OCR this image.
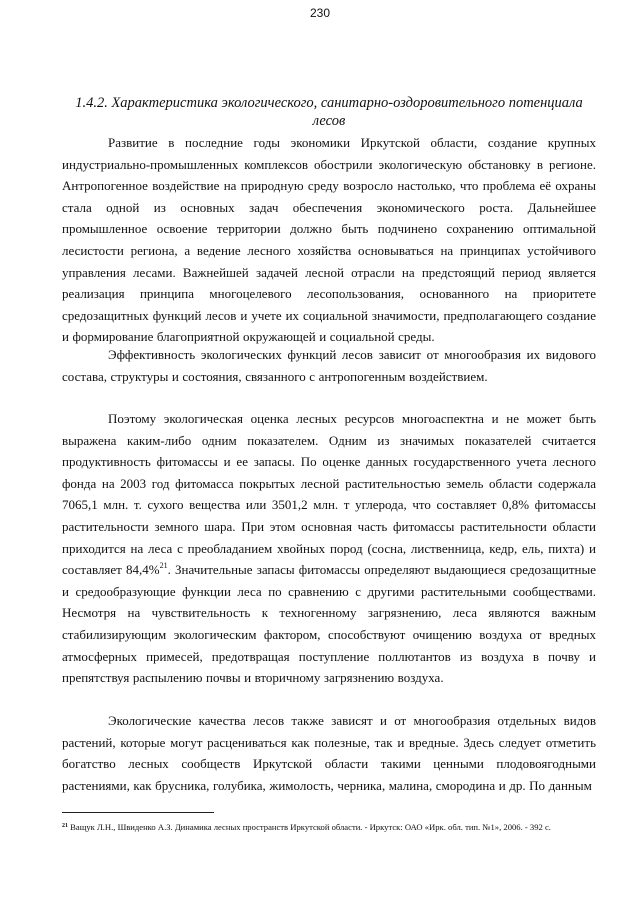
230
1.4.2. Характеристика экологического, санитарно-оздоровительного потенциала лесов

Развитие в последние годы экономики Иркутской области, создание крупных индустриально-промышленных комплексов обострили экологическую обстановку в регионе. Антропогенное воздействие на природную среду возросло настолько, что проблема её охраны стала одной из основных задач обеспечения экономического роста. Дальнейшее промышленное освоение территории должно быть подчинено сохранению оптимальной лесистости региона, а ведение лесного хозяйства основываться на принципах устойчивого управления лесами. Важнейшей задачей лесной отрасли на предстоящий период является реализация принципа многоцелевого лесопользования, основанного на приоритете средозащитных функций лесов и учете их социальной значимости, предполагающего создание и формирование благоприятной окружающей и социальной среды.

Эффективность экологических функций лесов зависит от многообразия их видового состава, структуры и состояния, связанного с антропогенным воздействием.

Поэтому экологическая оценка лесных ресурсов многоаспектна и не может быть выражена каким-либо одним показателем. Одним из значимых показателей считается продуктивность фитомассы и ее запасы. По оценке данных государственного учета лесного фонда на 2003 год фитомасса покрытых лесной растительностью земель области содержала 7065,1 млн. т. сухого вещества или 3501,2 млн. т углерода, что составляет 0,8% фитомассы растительности земного шара. При этом основная часть фитомассы растительности области приходится на леса с преобладанием хвойных пород (сосна, лиственница, кедр, ель, пихта) и составляет 84,4%$^{21}$. Значительные запасы фитомассы определяют выдающиеся средозащитные и средообразующие функции леса по сравнению с другими растительными сообществами. Несмотря на чувствительность к техногенному загрязнению, леса являются важным стабилизирующим экологическим фактором, способствуют очищению воздуха от вредных атмосферных примесей, предотвращая поступление поллютантов из воздуха в почву и препятствуя распылению почвы и вторичному загрязнению воздуха.

Экологические качества лесов также зависят и от многообразия отдельных видов растений, которые могут расцениваться как полезные, так и вредные. Здесь следует отметить богатство лесных сообществ Иркутской области такими ценными плодовоягодными растениями, как брусника, голубика, жимолость, черника, малина, смородина и др. По данным

$^{21}$ Ващук Л.Н., Швиденко А.З. Динамика лесных пространств Иркутской области. - Иркутск: ОАО «Ирк. обл. тип. №1», 2006. - 392 с.
